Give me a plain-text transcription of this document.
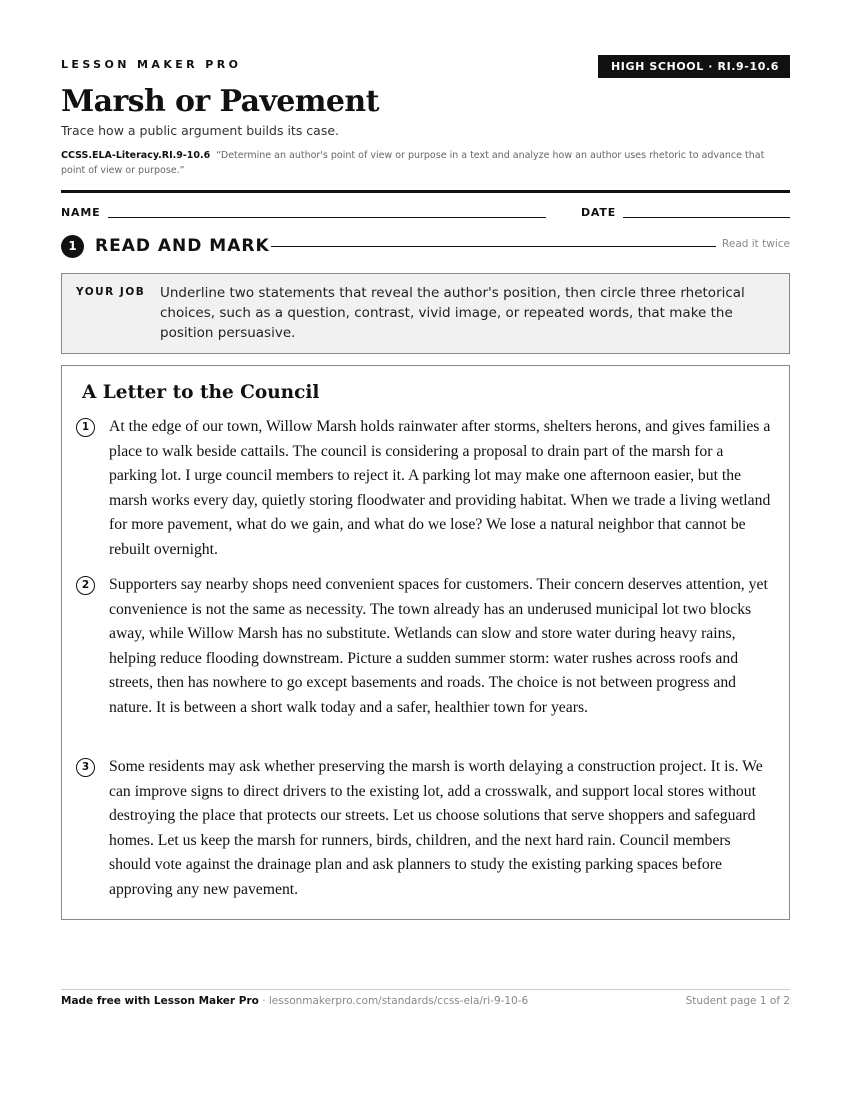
LESSON MAKER PRO	HIGH SCHOOL · RI.9-10.6
Marsh or Pavement
Trace how a public argument builds its case.
CCSS.ELA-Literacy.RI.9-10.6 “Determine an author's point of view or purpose in a text and analyze how an author uses rhetoric to advance that point of view or purpose.”
NAME	DATE
1	READ AND MARK	Read it twice
YOUR JOB Underline two statements that reveal the author's position, then circle three rhetorical choices, such as a question, contrast, vivid image, or repeated words, that make the position persuasive.
A Letter to the Council
1	At the edge of our town, Willow Marsh holds rainwater after storms, shelters herons, and gives families a place to walk beside cattails. The council is considering a proposal to drain part of the marsh for a parking lot. I urge council members to reject it. A parking lot may make one afternoon easier, but the marsh works every day, quietly storing floodwater and providing habitat. When we trade a living wetland for more pavement, what do we gain, and what do we lose? We lose a natural neighbor that cannot be rebuilt overnight.
2	Supporters say nearby shops need convenient spaces for customers. Their concern deserves attention, yet convenience is not the same as necessity. The town already has an underused municipal lot two blocks away, while Willow Marsh has no substitute. Wetlands can slow and store water during heavy rains, helping reduce flooding downstream. Picture a sudden summer storm: water rushes across roofs and streets, then has nowhere to go except basements and roads. The choice is not between progress and nature. It is between a short walk today and a safer, healthier town for years.
3	Some residents may ask whether preserving the marsh is worth delaying a construction project. It is. We can improve signs to direct drivers to the existing lot, add a crosswalk, and support local stores without destroying the place that protects our streets. Let us choose solutions that serve shoppers and safeguard homes. Let us keep the marsh for runners, birds, children, and the next hard rain. Council members should vote against the drainage plan and ask planners to study the existing parking spaces before approving any new pavement.
Made free with Lesson Maker Pro · lessonmakerpro.com/standards/ccss-ela/ri-9-10-6	Student page 1 of 2
